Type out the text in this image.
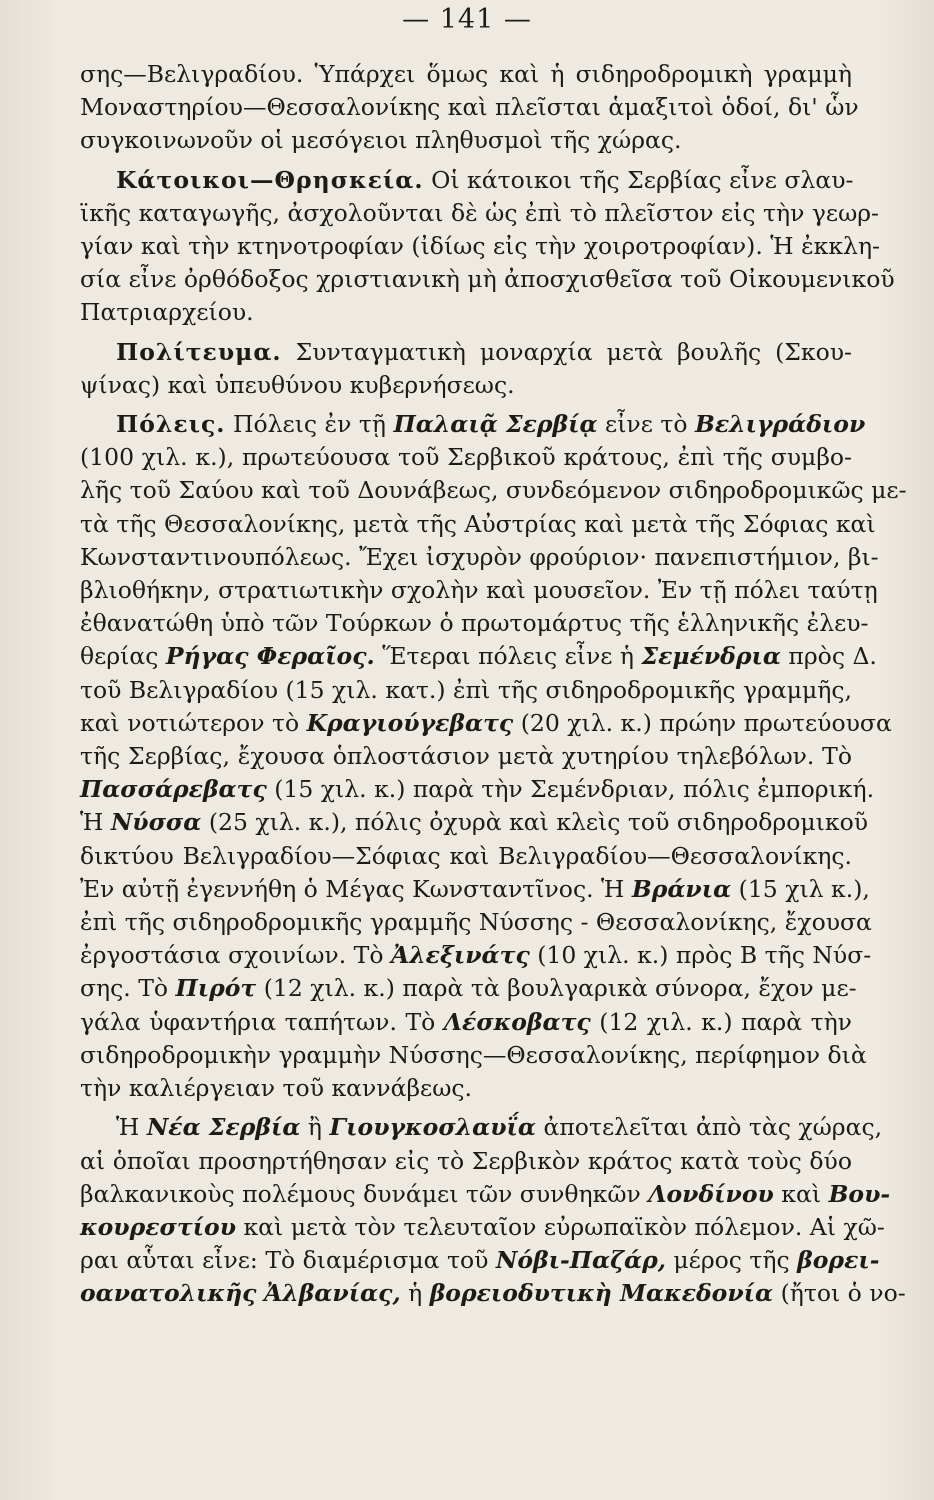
— 141 —
σης—Βελιγραδίου. Ὑπάρχει ὅμως καὶ ἡ σιδηροδρομικὴ γραμμὴ
Μοναστηρίου—Θεσσαλονίκης καὶ πλεῖσται ἁμαξιτοὶ ὁδοί, δι' ὧν
συγκοινωνοῦν οἱ μεσόγειοι πληθυσμοὶ τῆς χώρας.
Κάτοικοι—Θρησκεία. Οἱ κάτοικοι τῆς Σερβίας εἶνε σλαυ-
ϊκῆς καταγωγῆς, ἀσχολοῦνται δὲ ὡς ἐπὶ τὸ πλεῖστον εἰς τὴν γεωρ-
γίαν καὶ τὴν κτηνοτροφίαν (ἰδίως εἰς τὴν χοιροτροφίαν). Ἡ ἐκκλη-
σία εἶνε ὀρθόδοξος χριστιανικὴ μὴ ἀποσχισθεῖσα τοῦ Οἰκουμενικοῦ
Πατριαρχείου.
Πολίτευμα. Συνταγματικὴ μοναρχία μετὰ βουλῆς (Σκου-
ψίνας) καὶ ὑπευθύνου κυβερνήσεως.
Πόλεις. Πόλεις ἐν τῇ Παλαιᾷ Σερβίᾳ εἶνε τὸ Βελιγράδιον
(100 χιλ. κ.), πρωτεύουσα τοῦ Σερβικοῦ κράτους, ἐπὶ τῆς συμβο-
λῆς τοῦ Σαύου καὶ τοῦ Δουνάβεως, συνδεόμενον σιδηροδρομικῶς με-
τὰ τῆς Θεσσαλονίκης, μετὰ τῆς Αὐστρίας καὶ μετὰ τῆς Σόφιας καὶ
Κωνσταντινουπόλεως. Ἔχει ἰσχυρὸν φρούριον· πανεπιστήμιον, βι-
βλιοθήκην, στρατιωτικὴν σχολὴν καὶ μουσεῖον. Ἐν τῇ πόλει ταύτῃ
ἐθανατώθη ὑπὸ τῶν Τούρκων ὁ πρωτομάρτυς τῆς ἑλληνικῆς ἐλευ-
θερίας Ρήγας Φεραῖος. Ἕτεραι πόλεις εἶνε ἡ Σεμένδρια πρὸς Δ.
τοῦ Βελιγραδίου (15 χιλ. κατ.) ἐπὶ τῆς σιδηροδρομικῆς γραμμῆς,
καὶ νοτιώτερον τὸ Κραγιούγεβατς (20 χιλ. κ.) πρώην πρωτεύουσα
τῆς Σερβίας, ἔχουσα ὁπλοστάσιον μετὰ χυτηρίου τηλεβόλων. Τὸ
Πασσάρεβατς (15 χιλ. κ.) παρὰ τὴν Σεμένδριαν, πόλις ἐμπορική.
Ἡ Νύσσα (25 χιλ. κ.), πόλις ὀχυρὰ καὶ κλεὶς τοῦ σιδηροδρομικοῦ
δικτύου Βελιγραδίου—Σόφιας καὶ Βελιγραδίου—Θεσσαλονίκης.
Ἐν αὐτῇ ἐγεννήθη ὁ Μέγας Κωνσταντῖνος. Ἡ Βράνια (15 χιλ κ.),
ἐπὶ τῆς σιδηροδρομικῆς γραμμῆς Νύσσης - Θεσσαλονίκης, ἔχουσα
ἐργοστάσια σχοινίων. Τὸ Ἀλεξινάτς (10 χιλ. κ.) πρὸς Β τῆς Νύσ-
σης. Τὸ Πιρότ (12 χιλ. κ.) παρὰ τὰ βουλγαρικὰ σύνορα, ἔχον με-
γάλα ὑφαντήρια ταπήτων. Τὸ Λέσκοβατς (12 χιλ. κ.) παρὰ τὴν
σιδηροδρομικὴν γραμμὴν Νύσσης—Θεσσαλονίκης, περίφημον διὰ
τὴν καλιέργειαν τοῦ καννάβεως.
Ἡ Νέα Σερβία ἢ Γιουγκοσλαυΐα ἀποτελεῖται ἀπὸ τὰς χώρας,
αἱ ὁποῖαι προσηρτήθησαν εἰς τὸ Σερβικὸν κράτος κατὰ τοὺς δύο
βαλκανικοὺς πολέμους δυνάμει τῶν συνθηκῶν Λονδίνου καὶ Βου-
κουρεστίου καὶ μετὰ τὸν τελευταῖον εὐρωπαϊκὸν πόλεμον. Αἱ χῶ-
ραι αὗται εἶνε: Τὸ διαμέρισμα τοῦ Νόβι-Παζάρ, μέρος τῆς βορει-
οανατολικῆς Ἀλβανίας, ἡ βορειοδυτικὴ Μακεδονία (ἤτοι ὁ νο-
